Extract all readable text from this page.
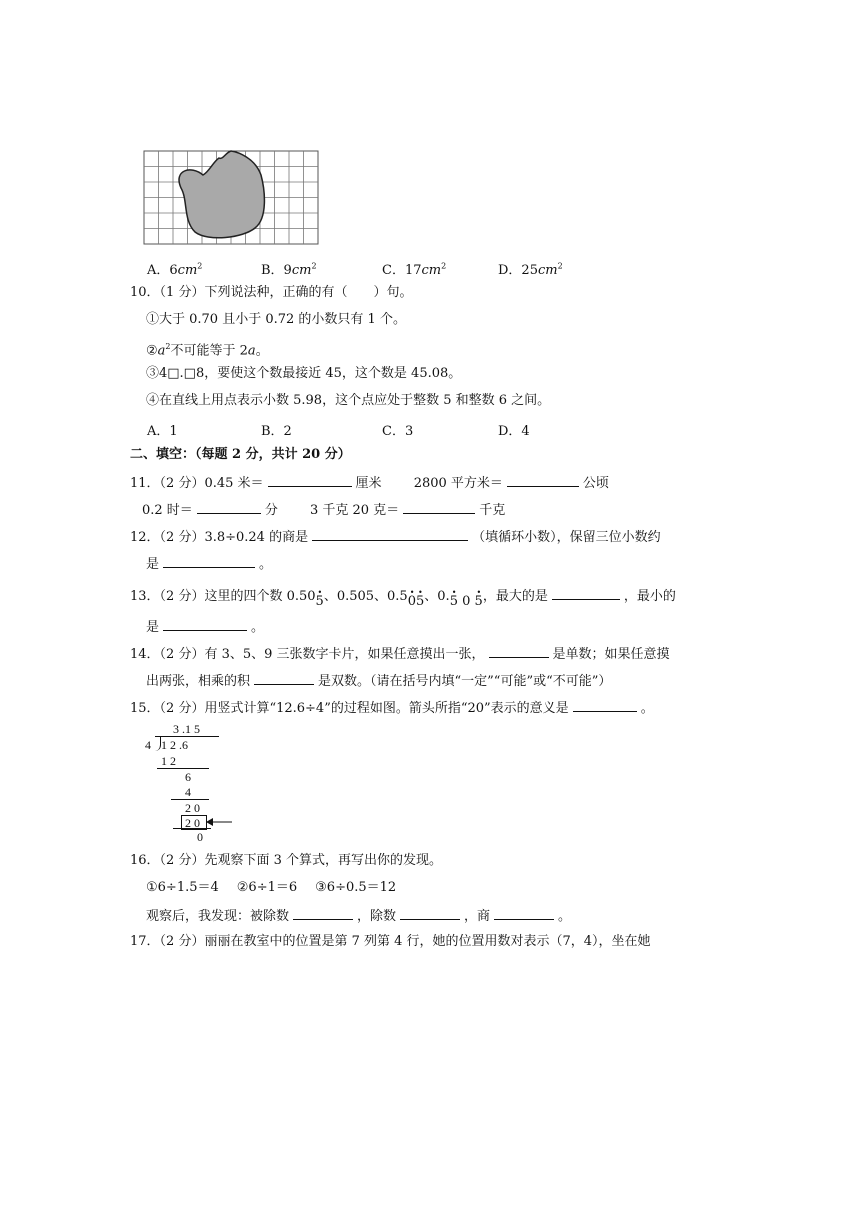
A．$6cm^2$	B．$9cm^2$	C．$17cm^2$	D．$25cm^2$
10．（1 分）下列说法种，正确的有（　　）句。
①大于 0.70 且小于 0.72 的小数只有 1 个。
$②a^2$不可能等于 2a。
③4□.□8，要使这个数最接近 45，这个数是 45.08。
④在直线上用点表示小数 5.98，这个点应处于整数 5 和整数 6 之间。
A．1	B．2	C．3	D．4
二、填空：（每题 2 分，共计 20 分）
11．（2 分）0.45 米＝	厘米 2800 平方米＝	公顷
0.2 时＝	分 3 千克 20 克＝	千克
12．（2 分）3.8÷0.24 的商是	（填循环小数），保留三位小数约
是	。
13．（2 分）这里的四个数 0.50• 5、0.505、0.5• 0• 5、0.• 5 0 • 5，最大的是	，最小的
是	。
14．（2 分）有 3、5、9 三张数字卡片，如果任意摸出一张，	是单数；如果任意摸
出两张，相乘的积	是双数。（请在括号内填“一定”“可能”或“不可能”）
15．（2 分）用竖式计算“12.6÷4”的过程如图。箭头所指“20”表示的意义是	。
3 .1 5
4 1 2 .6
1 2
6
4
2 0
2 0
0
16．（2 分）先观察下面 3 个算式，再写出你的发现。
①6÷1.5＝4 ②6÷1＝6 ③6÷0.5＝12
观察后，我发现：被除数	，除数	，商	。
17．（2 分）丽丽在教室中的位置是第 7 列第 4 行，她的位置用数对表示（7，4），坐在她
